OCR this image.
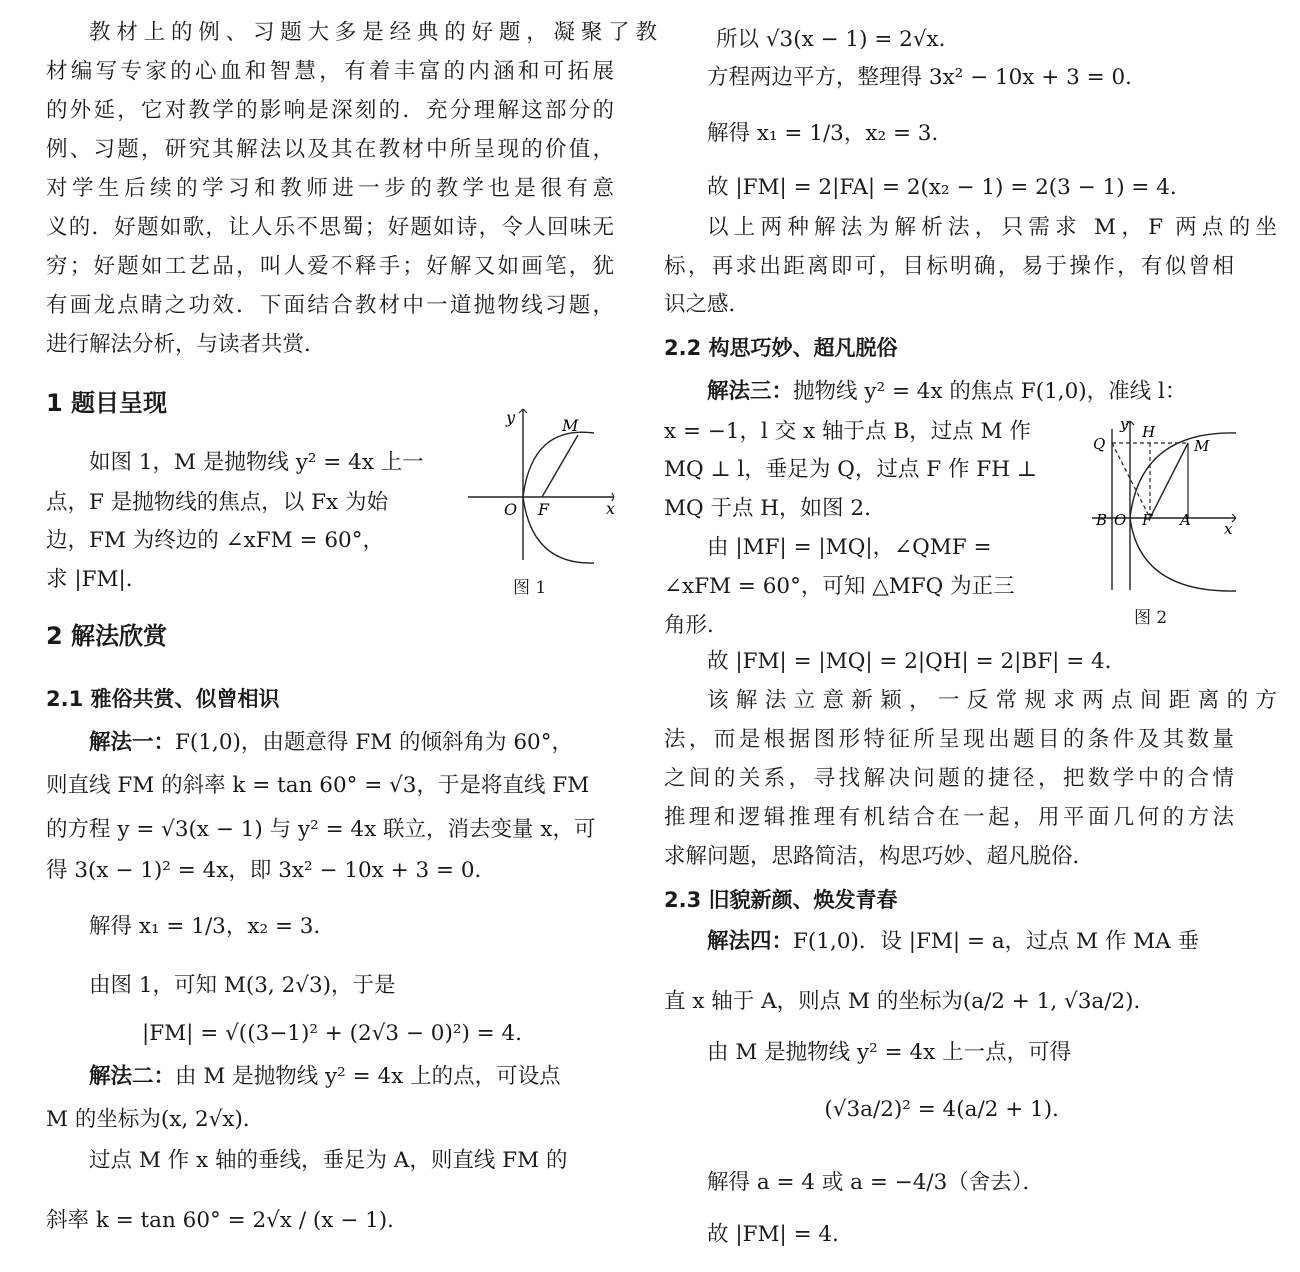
教材上的例、习题大多是经典的好题，凝聚了教
材编写专家的心血和智慧，有着丰富的内涵和可拓展
的外延，它对教学的影响是深刻的．充分理解这部分的
例、习题，研究其解法以及其在教材中所呈现的价值，
对学生后续的学习和教师进一步的教学也是很有意
义的．好题如歌，让人乐不思蜀；好题如诗，令人回味无
穷；好题如工艺品，叫人爱不释手；好解又如画笔，犹
有画龙点睛之功效．下面结合教材中一道抛物线习题，
进行解法分析，与读者共赏．
1 题目呈现
如图 1，M 是抛物线 y² = 4x 上一
点，F 是抛物线的焦点，以 Fx 为始
边，FM 为终边的 ∠xFM = 60°，
求 |FM|．
2 解法欣赏
2.1 雅俗共赏、似曾相识
解法一：F(1,0)，由题意得 FM 的倾斜角为 60°，
则直线 FM 的斜率 k = tan 60° = √3，于是将直线 FM
的方程 y = √3(x − 1) 与 y² = 4x 联立，消去变量 x，可
得 3(x − 1)² = 4x，即 3x² − 10x + 3 = 0．
解得 x₁ = 1/3，x₂ = 3．
由图 1，可知 M(3, 2√3)，于是
|FM| = √((3−1)² + (2√3 − 0)²) = 4．
解法二：由 M 是抛物线 y² = 4x 上的点，可设点
M 的坐标为(x, 2√x)．
过点 M 作 x 轴的垂线，垂足为 A，则直线 FM 的
斜率 k = tan 60° = 2√x / (x − 1)．
y
x
O F
M
图 1
所以 √3(x − 1) = 2√x．
方程两边平方，整理得 3x² − 10x + 3 = 0．
解得 x₁ = 1/3，x₂ = 3．
故 |FM| = 2|FA| = 2(x₂ − 1) = 2(3 − 1) = 4．
以上两种解法为解析法，只需求 M，F 两点的坐
标，再求出距离即可，目标明确，易于操作，有似曾相
识之感．
2.2 构思巧妙、超凡脱俗
解法三：抛物线 y² = 4x 的焦点 F(1,0)，准线 l：
x = −1，l 交 x 轴于点 B，过点 M 作
MQ ⊥ l，垂足为 Q，过点 F 作 FH ⊥
MQ 于点 H，如图 2．
由 |MF| = |MQ|，∠QMF =
∠xFM = 60°，可知 △MFQ 为正三
角形．
故 |FM| = |MQ| = 2|QH| = 2|BF| = 4．
该解法立意新颖，一反常规求两点间距离的方
法，而是根据图形特征所呈现出题目的条件及其数量
之间的关系，寻找解决问题的捷径，把数学中的合情
推理和逻辑推理有机结合在一起，用平面几何的方法
求解问题，思路简洁，构思巧妙、超凡脱俗．
2.3 旧貌新颜、焕发青春
解法四：F(1,0)．设 |FM| = a，过点 M 作 MA 垂
直 x 轴于 A，则点 M 的坐标为(a/2 + 1, √3a/2)．
由 M 是抛物线 y² = 4x 上一点，可得
(√3a/2)² = 4(a/2 + 1)．
解得 a = 4 或 a = −4/3（舍去）．
故 |FM| = 4．
y
x
Q
H
M
B O F A
图 2
